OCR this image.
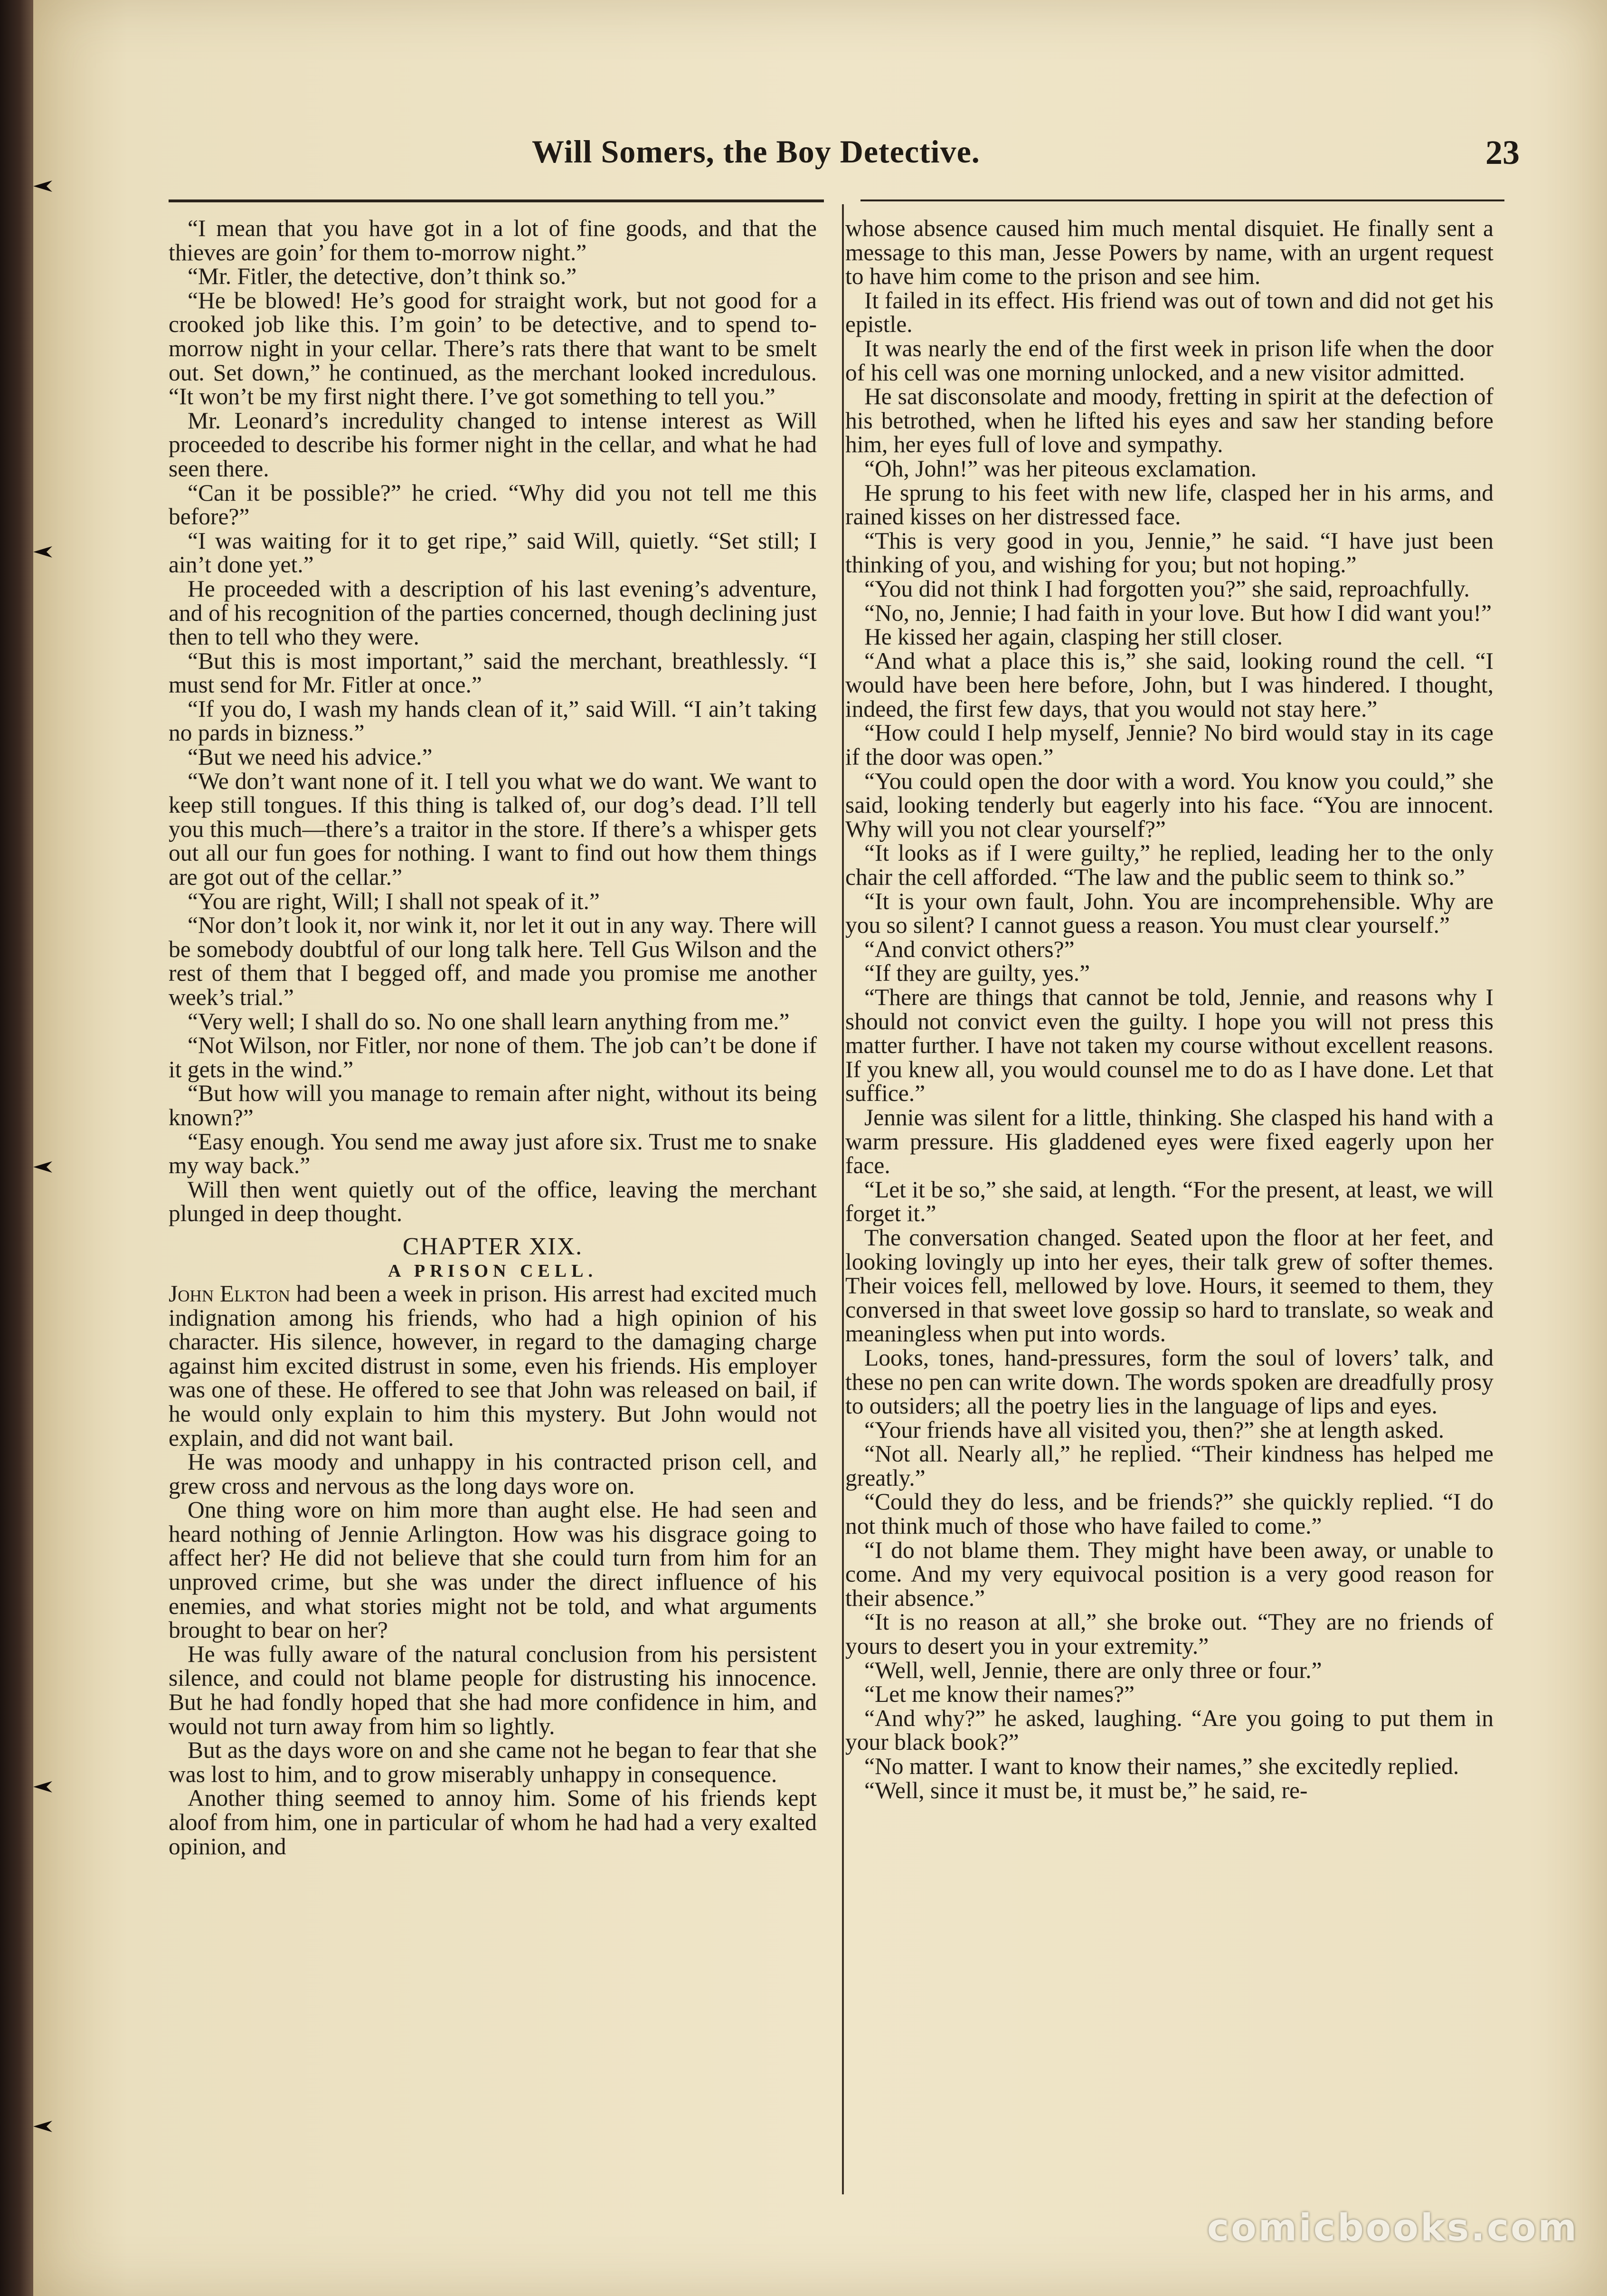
Will Somers, the Boy Detective.	23

“I mean that you have got in a lot of fine goods, and that the thieves are goin’ for them to-morrow night.”

“Mr. Fitler, the detective, don’t think so.”

“He be blowed! He’s good for straight work, but not good for a crooked job like this. I’m goin’ to be detective, and to spend to-morrow night in your cellar. There’s rats there that want to be smelt out. Set down,” he continued, as the merchant looked incredulous. “It won’t be my first night there. I’ve got something to tell you.”

Mr. Leonard’s incredulity changed to intense interest as Will proceeded to describe his former night in the cellar, and what he had seen there.

“Can it be possible?” he cried. “Why did you not tell me this before?”

“I was waiting for it to get ripe,” said Will, quietly. “Set still; I ain’t done yet.”

He proceeded with a description of his last evening’s adventure, and of his recognition of the parties concerned, though declining just then to tell who they were.

“But this is most important,” said the merchant, breathlessly. “I must send for Mr. Fitler at once.”

“If you do, I wash my hands clean of it,” said Will. “I ain’t taking no pards in bizness.”

“But we need his advice.”

“We don’t want none of it. I tell you what we do want. We want to keep still tongues. If this thing is talked of, our dog’s dead. I’ll tell you this much—there’s a traitor in the store. If there’s a whisper gets out all our fun goes for nothing. I want to find out how them things are got out of the cellar.”

“You are right, Will; I shall not speak of it.”

“Nor don’t look it, nor wink it, nor let it out in any way. There will be somebody doubtful of our long talk here. Tell Gus Wilson and the rest of them that I begged off, and made you promise me another week’s trial.”

“Very well; I shall do so. No one shall learn anything from me.”

“Not Wilson, nor Fitler, nor none of them. The job can’t be done if it gets in the wind.”

“But how will you manage to remain after night, without its being known?”

“Easy enough. You send me away just afore six. Trust me to snake my way back.”

Will then went quietly out of the office, leaving the merchant plunged in deep thought.

CHAPTER XIX.
A PRISON CELL.

John Elkton had been a week in prison. His arrest had excited much indignation among his friends, who had a high opinion of his character. His silence, however, in regard to the damaging charge against him excited distrust in some, even his friends. His employer was one of these. He offered to see that John was released on bail, if he would only explain to him this mystery. But John would not explain, and did not want bail.

He was moody and unhappy in his contracted prison cell, and grew cross and nervous as the long days wore on.

One thing wore on him more than aught else. He had seen and heard nothing of Jennie Arlington. How was his disgrace going to affect her? He did not believe that she could turn from him for an unproved crime, but she was under the direct influence of his enemies, and what stories might not be told, and what arguments brought to bear on her?

He was fully aware of the natural conclusion from his persistent silence, and could not blame people for distrusting his innocence. But he had fondly hoped that she had more confidence in him, and would not turn away from him so lightly.

But as the days wore on and she came not he began to fear that she was lost to him, and to grow miserably unhappy in consequence.

Another thing seemed to annoy him. Some of his friends kept aloof from him, one in particular of whom he had had a very exalted opinion, and

whose absence caused him much mental disquiet. He finally sent a message to this man, Jesse Powers by name, with an urgent request to have him come to the prison and see him.

It failed in its effect. His friend was out of town and did not get his epistle.

It was nearly the end of the first week in prison life when the door of his cell was one morning unlocked, and a new visitor admitted.

He sat disconsolate and moody, fretting in spirit at the defection of his betrothed, when he lifted his eyes and saw her standing before him, her eyes full of love and sympathy.

“Oh, John!” was her piteous exclamation.

He sprung to his feet with new life, clasped her in his arms, and rained kisses on her distressed face.

“This is very good in you, Jennie,” he said. “I have just been thinking of you, and wishing for you; but not hoping.”

“You did not think I had forgotten you?” she said, reproachfully.

“No, no, Jennie; I had faith in your love. But how I did want you!”

He kissed her again, clasping her still closer.

“And what a place this is,” she said, looking round the cell. “I would have been here before, John, but I was hindered. I thought, indeed, the first few days, that you would not stay here.”

“How could I help myself, Jennie? No bird would stay in its cage if the door was open.”

“You could open the door with a word. You know you could,” she said, looking tenderly but eagerly into his face. “You are innocent. Why will you not clear yourself?”

“It looks as if I were guilty,” he replied, leading her to the only chair the cell afforded. “The law and the public seem to think so.”

“It is your own fault, John. You are incomprehensible. Why are you so silent? I cannot guess a reason. You must clear yourself.”

“And convict others?”

“If they are guilty, yes.”

“There are things that cannot be told, Jennie, and reasons why I should not convict even the guilty. I hope you will not press this matter further. I have not taken my course without excellent reasons. If you knew all, you would counsel me to do as I have done. Let that suffice.”

Jennie was silent for a little, thinking. She clasped his hand with a warm pressure. His gladdened eyes were fixed eagerly upon her face.

“Let it be so,” she said, at length. “For the present, at least, we will forget it.”

The conversation changed. Seated upon the floor at her feet, and looking lovingly up into her eyes, their talk grew of softer themes. Their voices fell, mellowed by love. Hours, it seemed to them, they conversed in that sweet love gossip so hard to translate, so weak and meaningless when put into words.

Looks, tones, hand-pressures, form the soul of lovers’ talk, and these no pen can write down. The words spoken are dreadfully prosy to outsiders; all the poetry lies in the language of lips and eyes.

“Your friends have all visited you, then?” she at length asked.

“Not all. Nearly all,” he replied. “Their kindness has helped me greatly.”

“Could they do less, and be friends?” she quickly replied. “I do not think much of those who have failed to come.”

“I do not blame them. They might have been away, or unable to come. And my very equivocal position is a very good reason for their absence.”

“It is no reason at all,” she broke out. “They are no friends of yours to desert you in your extremity.”

“Well, well, Jennie, there are only three or four.”

“Let me know their names?”

“And why?” he asked, laughing. “Are you going to put them in your black book?”

“No matter. I want to know their names,” she excitedly replied.

“Well, since it must be, it must be,” he said, re-

comicbooks.com
